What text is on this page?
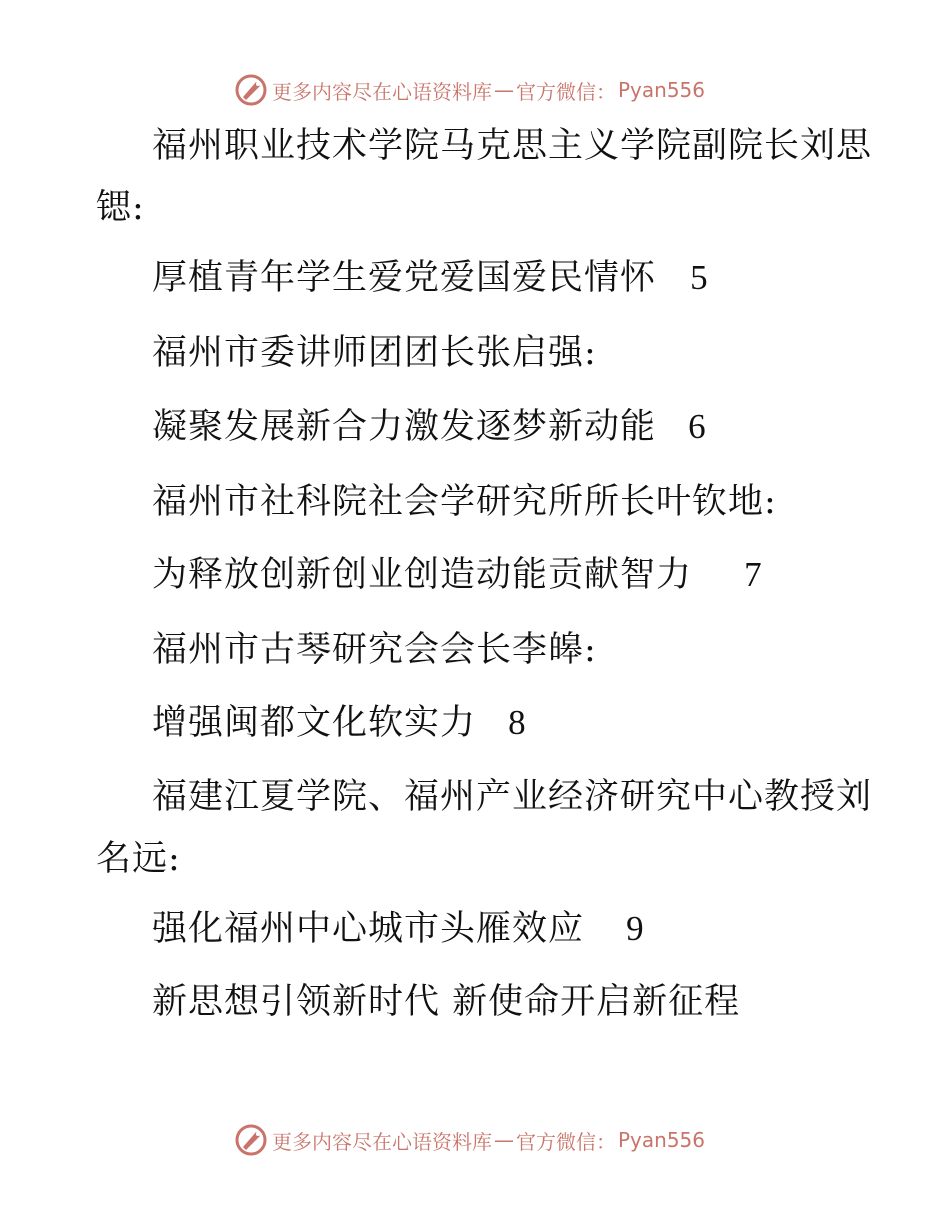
更多内容尽在心语资料库 — 官方微信： Pyan556
福州职业技术学院马克思主义学院副院长刘思
锶:
厚植青年学生爱党爱国爱民情怀 5
福州市委讲师团团长张启强:
凝聚发展新合力激发逐梦新动能 6
福州市社科院社会学研究所所长叶钦地:
为释放创新创业创造动能贡献智力 7
福州市古琴研究会会长李皞:
增强闽都文化软实力 8
福建江夏学院、福州产业经济研究中心教授刘
名远:
强化福州中心城市头雁效应 9
新思想引领新时代 新使命开启新征程
更多内容尽在心语资料库 — 官方微信： Pyan556
